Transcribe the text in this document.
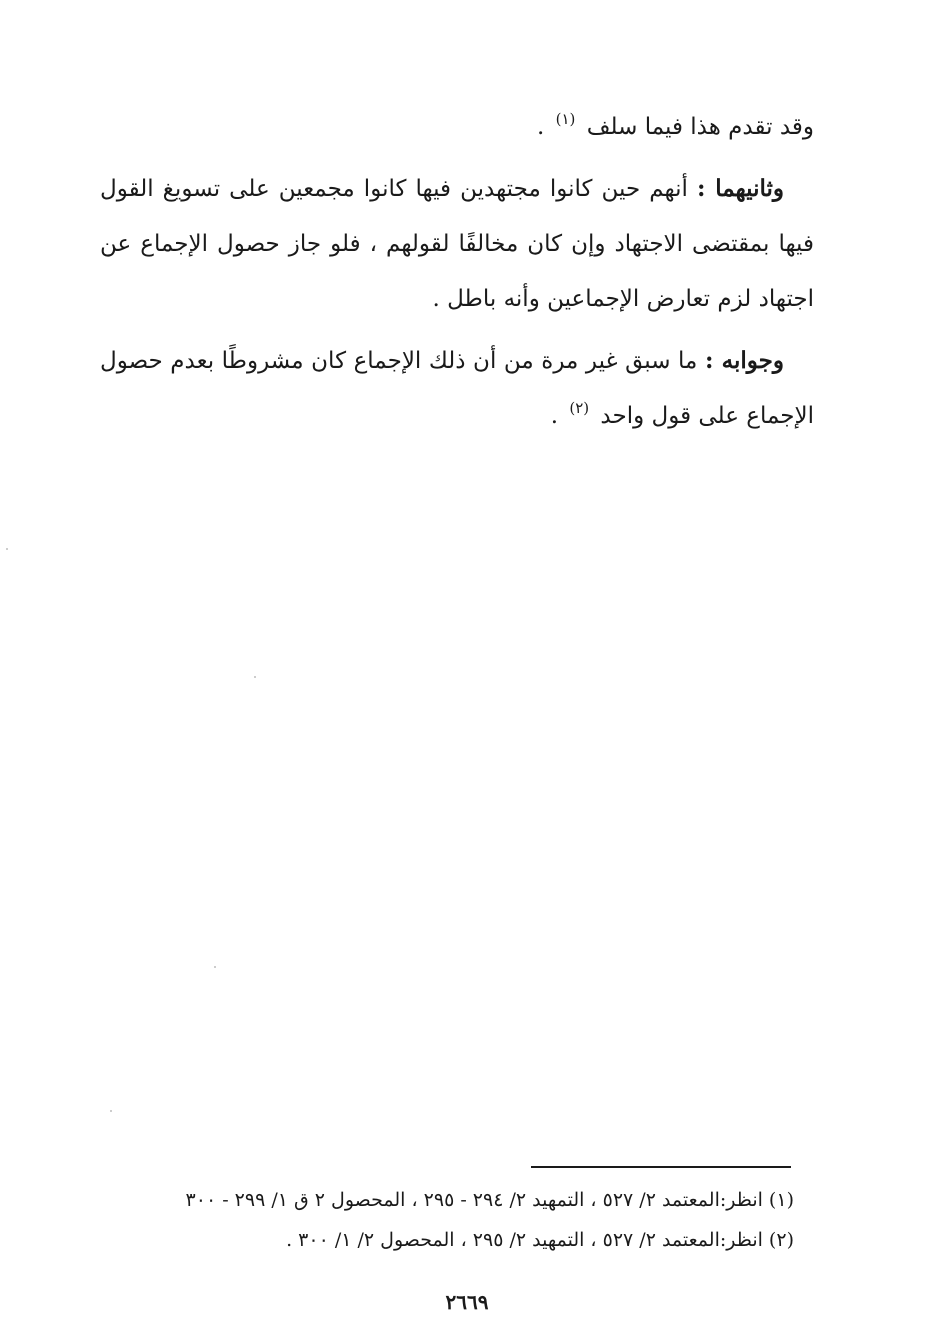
وقد تقدم هذا فيما سلف $^{(١)}$ .

وثانيهما : أنهم حين كانوا مجتهدين فيها كانوا مجمعين على تسويغ القول فيها بمقتضى الاجتهاد وإن كان مخالفًا لقولهم ، فلو جاز حصول الإجماع عن اجتهاد لزم تعارض الإجماعين وأنه باطل .

وجوابه : ما سبق غير مرة من أن ذلك الإجماع كان مشروطًا بعدم حصول الإجماع على قول واحد $^{(٢)}$ .

(١) انظر:المعتمد ٢/ ٥٢٧ ، التمهيد ٢/ ٢٩٤ - ٢٩٥ ، المحصول ٢ ق ١/ ٢٩٩ - ٣٠٠

(٢) انظر:المعتمد ٢/ ٥٢٧ ، التمهيد ٢/ ٢٩٥ ، المحصول ٢/ ١/ ٣٠٠ .

٢٦٦٩
